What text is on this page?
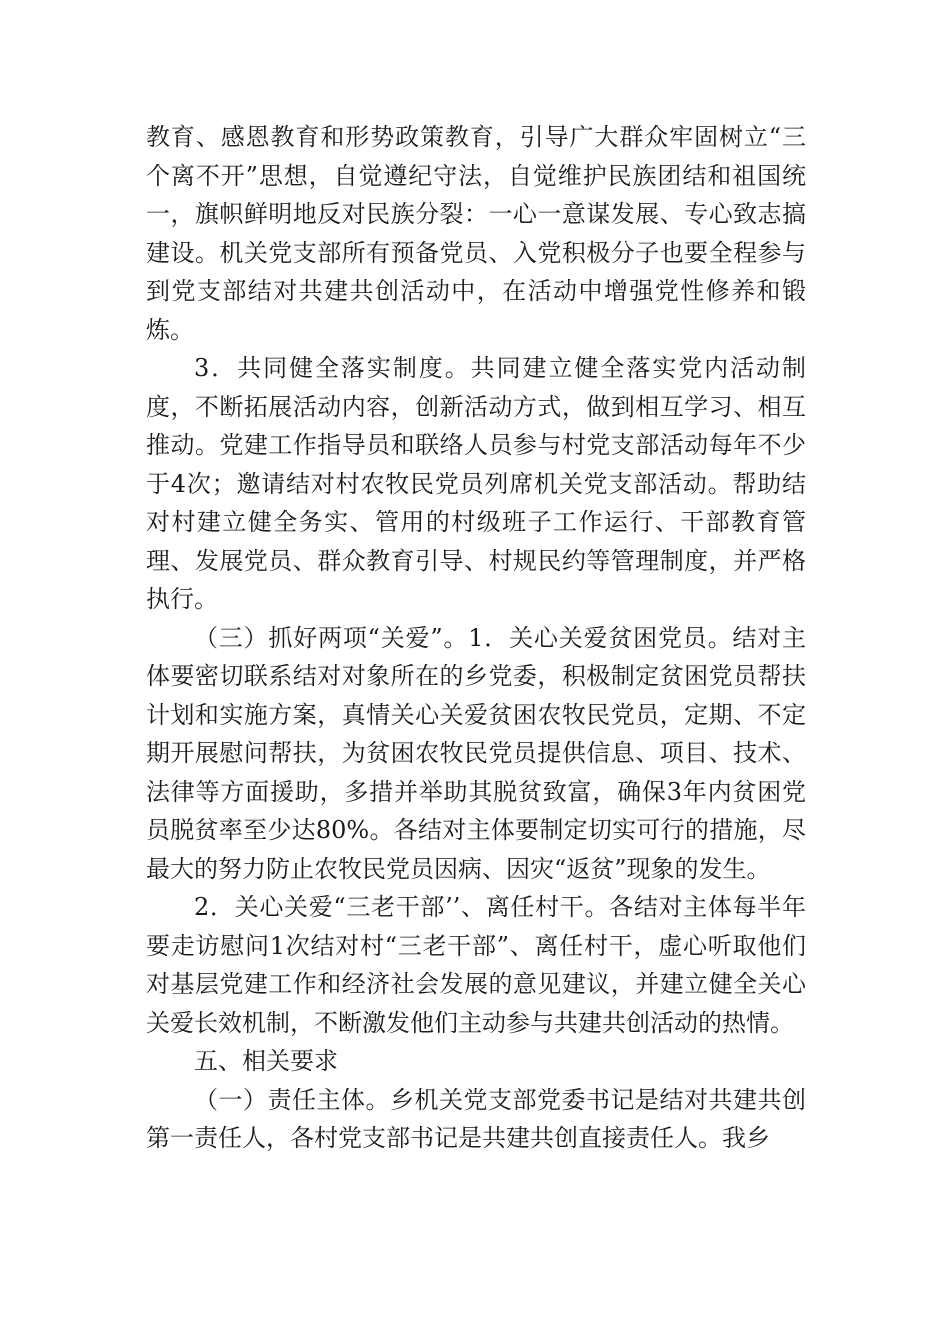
教育、感恩教育和形势政策教育，引导广大群众牢固树立“三个离不开”思想，自觉遵纪守法，自觉维护民族团结和祖国统一，旗帜鲜明地反对民族分裂：一心一意谋发展、专心致志搞建设。机关党支部所有预备党员、入党积极分子也要全程参与到党支部结对共建共创活动中，在活动中增强党性修养和锻炼。

3．共同健全落实制度。共同建立健全落实党内活动制度，不断拓展活动内容，创新活动方式，做到相互学习、相互推动。党建工作指导员和联络人员参与村党支部活动每年不少于4次；邀请结对村农牧民党员列席机关党支部活动。帮助结对村建立健全务实、管用的村级班子工作运行、干部教育管理、发展党员、群众教育引导、村规民约等管理制度，并严格执行。

（三）抓好两项“关爱”。1．关心关爱贫困党员。结对主体要密切联系结对对象所在的乡党委，积极制定贫困党员帮扶计划和实施方案，真情关心关爱贫困农牧民党员，定期、不定期开展慰问帮扶，为贫困农牧民党员提供信息、项目、技术、法律等方面援助，多措并举助其脱贫致富，确保3年内贫困党员脱贫率至少达80%。各结对主体要制定切实可行的措施，尽最大的努力防止农牧民党员因病、因灾“返贫”现象的发生。

2．关心关爱“三老干部’’、离任村干。各结对主体每半年要走访慰问1次结对村“三老干部”、离任村干，虚心听取他们对基层党建工作和经济社会发展的意见建议，并建立健全关心关爱长效机制，不断激发他们主动参与共建共创活动的热情。

五、相关要求

（一）责任主体。乡机关党支部党委书记是结对共建共创第一责任人，各村党支部书记是共建共创直接责任人。我乡
